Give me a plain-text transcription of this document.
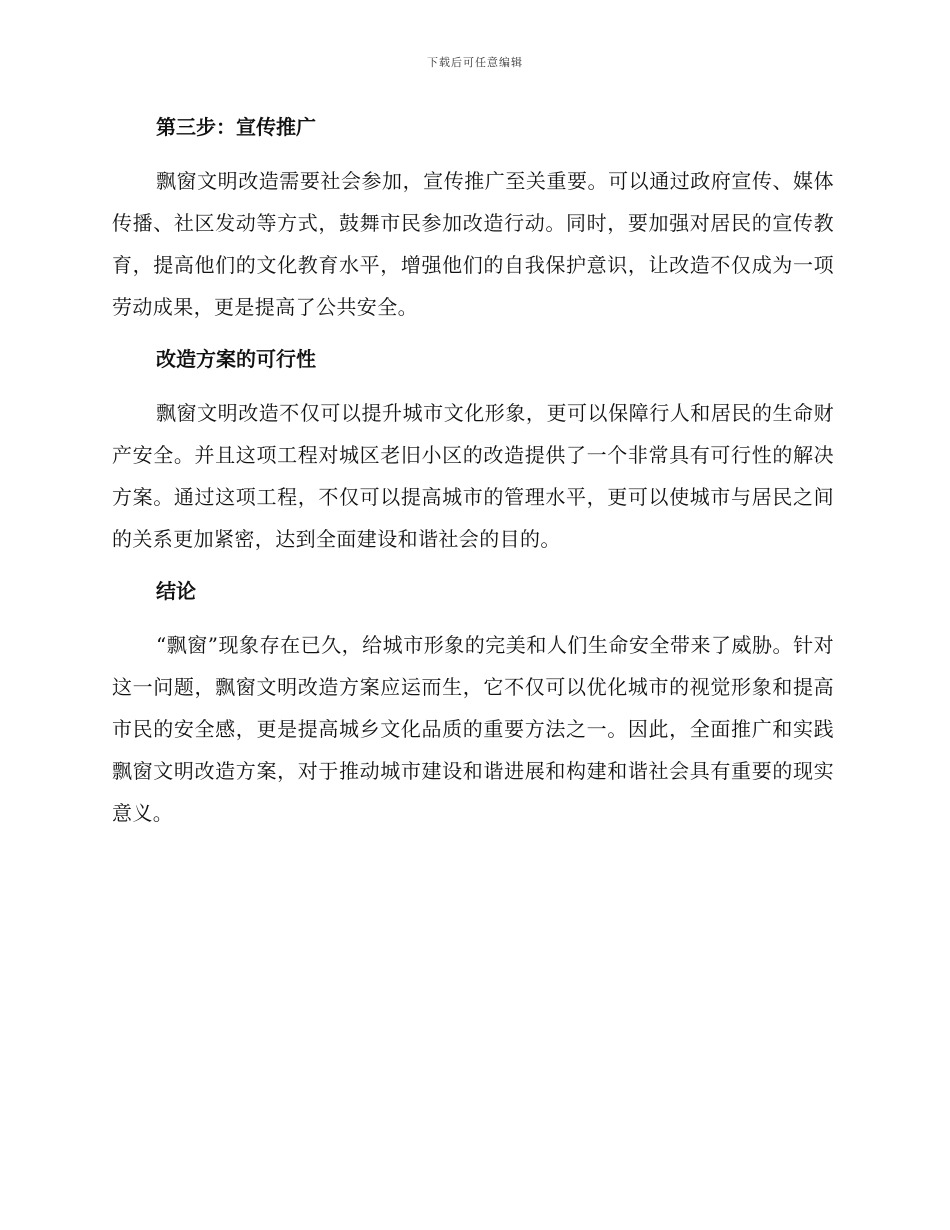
下载后可任意编辑
第三步：宣传推广

飘窗文明改造需要社会参加，宣传推广至关重要。可以通过政府宣传、媒体传播、社区发动等方式，鼓舞市民参加改造行动。同时，要加强对居民的宣传教育，提高他们的文化教育水平，增强他们的自我保护意识，让改造不仅成为一项劳动成果，更是提高了公共安全。

改造方案的可行性

飘窗文明改造不仅可以提升城市文化形象，更可以保障行人和居民的生命财产安全。并且这项工程对城区老旧小区的改造提供了一个非常具有可行性的解决方案。通过这项工程，不仅可以提高城市的管理水平，更可以使城市与居民之间的关系更加紧密，达到全面建设和谐社会的目的。

结论

“飘窗”现象存在已久，给城市形象的完美和人们生命安全带来了威胁。针对这一问题，飘窗文明改造方案应运而生，它不仅可以优化城市的视觉形象和提高市民的安全感，更是提高城乡文化品质的重要方法之一。因此，全面推广和实践飘窗文明改造方案，对于推动城市建设和谐进展和构建和谐社会具有重要的现实意义。
